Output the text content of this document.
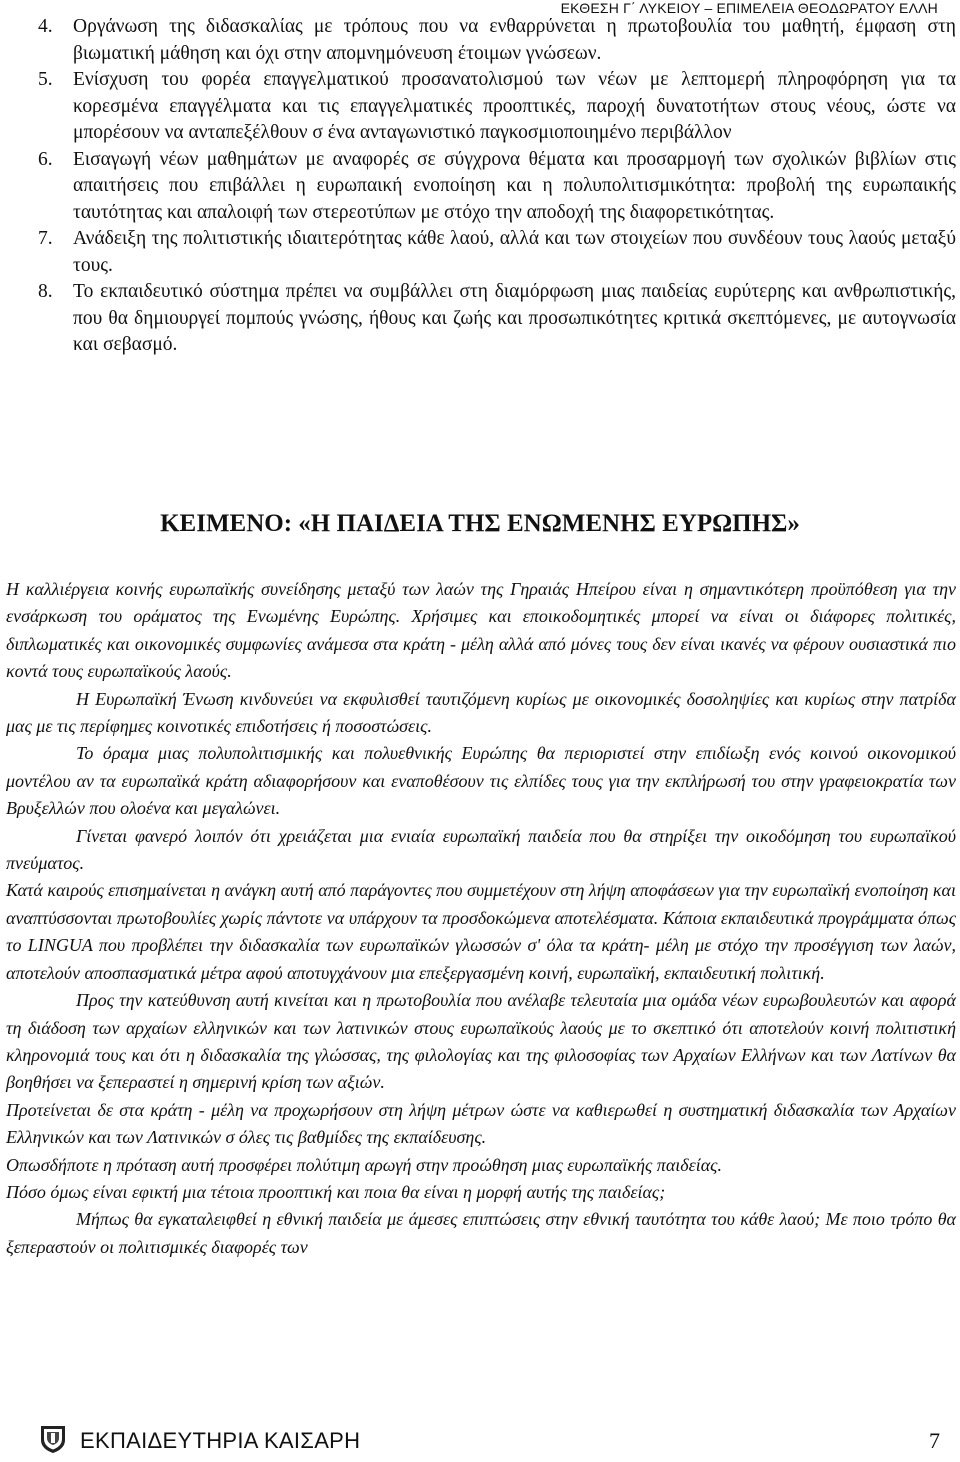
ΕΚΘΕΣΗ Γ΄ ΛΥΚΕΙΟΥ – ΕΠΙΜΕΛΕΙΑ ΘΕΟΔΩΡΑΤΟΥ ΕΛΛΗ
4. Οργάνωση της διδασκαλίας με τρόπους που να ενθαρρύνεται η πρωτοβουλία του μαθητή, έμφαση στη βιωματική μάθηση και όχι στην απομνημόνευση έτοιμων γνώσεων.
5. Ενίσχυση του φορέα επαγγελματικού προσανατολισμού των νέων με λεπτομερή πληροφόρηση για τα κορεσμένα επαγγέλματα και τις επαγγελματικές προοπτικές, παροχή δυνατοτήτων στους νέους, ώστε να μπορέσουν να ανταπεξέλθουν σ ένα ανταγωνιστικό παγκοσμιοποιημένο περιβάλλον
6. Εισαγωγή νέων μαθημάτων με αναφορές σε σύγχρονα θέματα και προσαρμογή των σχολικών βιβλίων στις απαιτήσεις που επιβάλλει η ευρωπαική ενοποίηση και η πολυπολιτισμικότητα: προβολή της ευρωπαικής ταυτότητας και απαλοιφή των στερεοτύπων με στόχο την αποδοχή της διαφορετικότητας.
7. Ανάδειξη της πολιτιστικής ιδιαιτερότητας κάθε λαού, αλλά και των στοιχείων που συνδέουν τους λαούς μεταξύ τους.
8. Το εκπαιδευτικό σύστημα πρέπει να συμβάλλει στη διαμόρφωση μιας παιδείας ευρύτερης και ανθρωπιστικής, που θα δημιουργεί πομπούς γνώσης, ήθους και ζωής και προσωπικότητες κριτικά σκεπτόμενες, με αυτογνωσία και σεβασμό.
ΚΕΙΜΕΝΟ: «Η ΠΑΙΔΕΙΑ ΤΗΣ ΕΝΩΜΕΝΗΣ ΕΥΡΩΠΗΣ»

Η καλλιέργεια κοινής ευρωπαϊκής συνείδησης μεταξύ των λαών της Γηραιάς Ηπείρου είναι η σημαντικότερη προϋπόθεση για την ενσάρκωση του οράματος της Ενωμένης Ευρώπης. Χρήσιμες και εποικοδομητικές μπορεί να είναι οι διάφορες πολιτικές, διπλωματικές και οικονομικές συμφωνίες ανάμεσα στα κράτη - μέλη αλλά από μόνες τους δεν είναι ικανές να φέρουν ουσιαστικά πιο κοντά τους ευρωπαϊκούς λαούς.

Η Ευρωπαϊκή Ένωση κινδυνεύει να εκφυλισθεί ταυτιζόμενη κυρίως με οικονομικές δοσοληψίες και κυρίως στην πατρίδα μας με τις περίφημες κοινοτικές επιδοτήσεις ή ποσοστώσεις.

Το όραμα μιας πολυπολιτισμικής και πολυεθνικής Ευρώπης θα περιοριστεί στην επιδίωξη ενός κοινού οικονομικού μοντέλου αν τα ευρωπαϊκά κράτη αδιαφορήσουν και εναποθέσουν τις ελπίδες τους για την εκπλήρωσή του στην γραφειοκρατία των Βρυξελλών που ολοένα και μεγαλώνει.

Γίνεται φανερό λοιπόν ότι χρειάζεται μια ενιαία ευρωπαϊκή παιδεία που θα στηρίξει την οικοδόμηση του ευρωπαϊκού πνεύματος.

Κατά καιρούς επισημαίνεται η ανάγκη αυτή από παράγοντες που συμμετέχουν στη λήψη αποφάσεων για την ευρωπαϊκή ενοποίηση και αναπτύσσονται πρωτοβουλίες χωρίς πάντοτε να υπάρχουν τα προσδοκώμενα αποτελέσματα. Κάποια εκπαιδευτικά προγράμματα όπως το LINGUA που προβλέπει την διδασκαλία των ευρωπαϊκών γλωσσών σ' όλα τα κράτη- μέλη με στόχο την προσέγγιση των λαών, αποτελούν αποσπασματικά μέτρα αφού αποτυγχάνουν μια επεξεργασμένη κοινή, ευρωπαϊκή, εκπαιδευτική πολιτική.

Προς την κατεύθυνση αυτή κινείται και η πρωτοβουλία που ανέλαβε τελευταία μια ομάδα νέων ευρωβουλευτών και αφορά τη διάδοση των αρχαίων ελληνικών και των λατινικών στους ευρωπαϊκούς λαούς με το σκεπτικό ότι αποτελούν κοινή πολιτιστική κληρονομιά τους και ότι η διδασκαλία της γλώσσας, της φιλολογίας και της φιλοσοφίας των Αρχαίων Ελλήνων και των Λατίνων θα βοηθήσει να ξεπεραστεί η σημερινή κρίση των αξιών.

Προτείνεται δε στα κράτη - μέλη να προχωρήσουν στη λήψη μέτρων ώστε να καθιερωθεί η συστηματική διδασκαλία των Αρχαίων Ελληνικών και των Λατινικών σ όλες τις βαθμίδες της εκπαίδευσης.

Οπωσδήποτε η πρόταση αυτή προσφέρει πολύτιμη αρωγή στην προώθηση μιας ευρωπαϊκής παιδείας.

Πόσο όμως είναι εφικτή μια τέτοια προοπτική και ποια θα είναι η μορφή αυτής της παιδείας;

Μήπως θα εγκαταλειφθεί η εθνική παιδεία με άμεσες επιπτώσεις στην εθνική ταυτότητα του κάθε λαού; Με ποιο τρόπο θα ξεπεραστούν οι πολιτισμικές διαφορές των

ΕΚΠΑΙΔΕΥΤΗΡΙΑ ΚΑΙΣΑΡΗ	7
